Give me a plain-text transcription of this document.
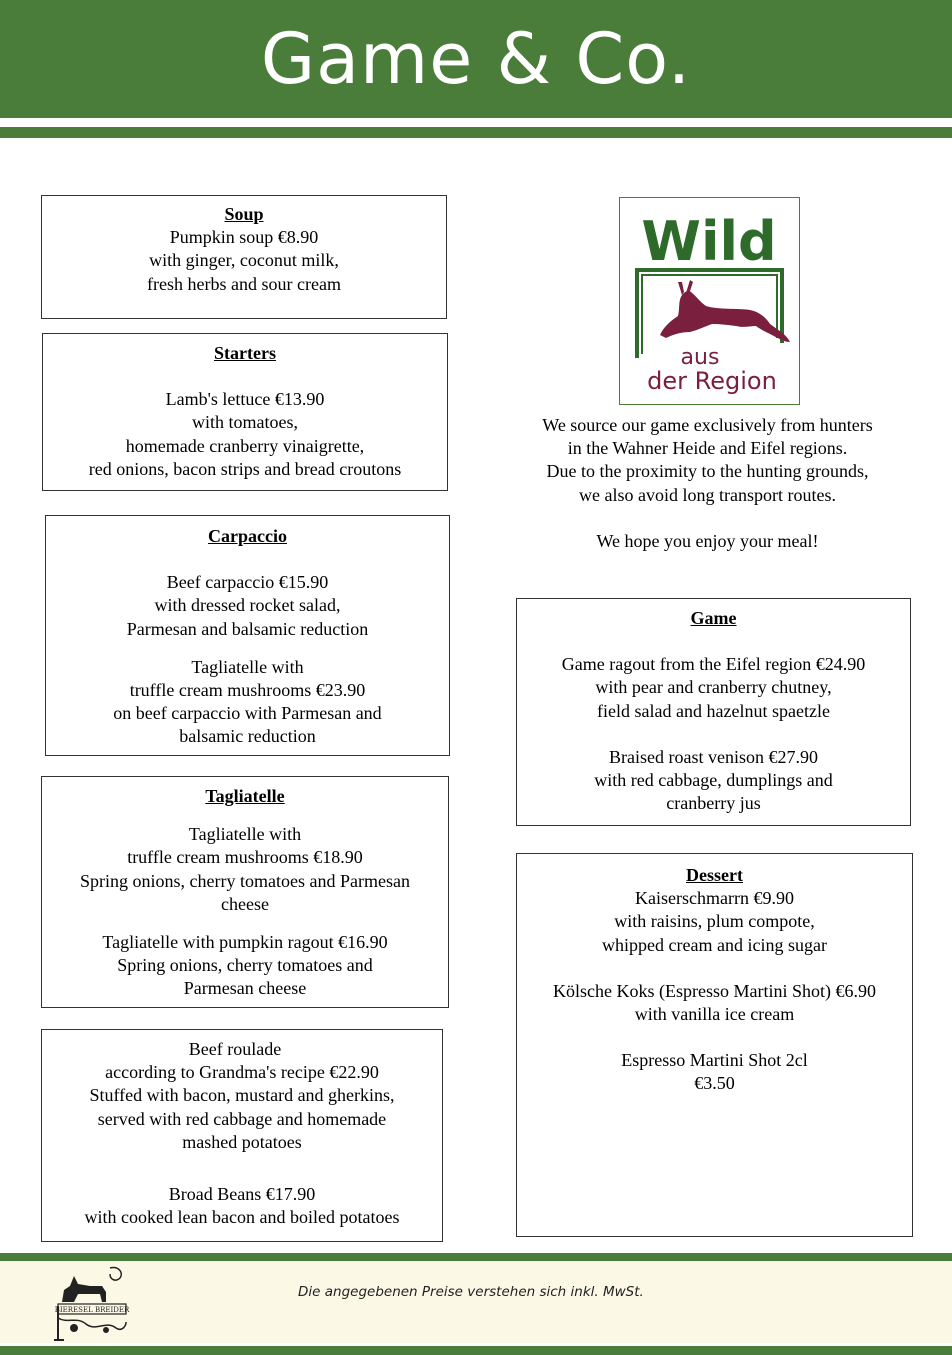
Game & Co.
Soup
Pumpkin soup €8.90
with ginger, coconut milk,
fresh herbs and sour cream
Starters
Lamb's lettuce €13.90
with tomatoes,
homemade cranberry vinaigrette,
red onions, bacon strips and bread croutons
Carpaccio
Beef carpaccio €15.90
with dressed rocket salad,
Parmesan and balsamic reduction
Tagliatelle with
truffle cream mushrooms €23.90
on beef carpaccio with Parmesan and
balsamic reduction
Tagliatelle
Tagliatelle with
truffle cream mushrooms €18.90
Spring onions, cherry tomatoes and Parmesan
cheese
Tagliatelle with pumpkin ragout €16.90
Spring onions, cherry tomatoes and
Parmesan cheese
Beef roulade
according to Grandma's recipe €22.90
Stuffed with bacon, mustard and gherkins,
served with red cabbage and homemade
mashed potatoes
Broad Beans €17.90
with cooked lean bacon and boiled potatoes
Wild
aus
der Region
We source our game exclusively from hunters
in the Wahner Heide and Eifel regions.
Due to the proximity to the hunting grounds,
we also avoid long transport routes.
We hope you enjoy your meal!
Game
Game ragout from the Eifel region €24.90
with pear and cranberry chutney,
field salad and hazelnut spaetzle
Braised roast venison €27.90
with red cabbage, dumplings and
cranberry jus
Dessert
Kaiserschmarrn €9.90
with raisins, plum compote,
whipped cream and icing sugar
Kölsche Koks (Espresso Martini Shot) €6.90
with vanilla ice cream
Espresso Martini Shot 2cl
€3.50
Die angegebenen Preise verstehen sich inkl. MwSt.
BIERESEL BREIDER
